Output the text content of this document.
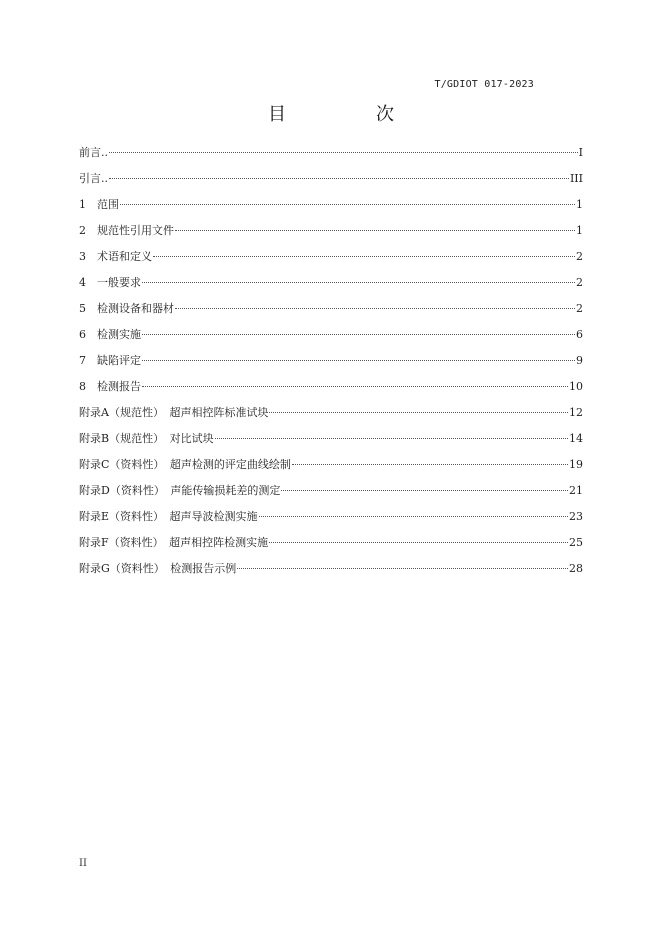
T/GDIOT 017-2023
目　次
前言..	I
引言..	III
1　范围	1
2　规范性引用文件	1
3　术语和定义	2
4　一般要求	2
5　检测设备和器材	2
6　检测实施	6
7　缺陷评定	9
8　检测报告	10
附录A（规范性）　超声相控阵标准试块	12
附录B（规范性）　对比试块	14
附录C（资料性）　超声检测的评定曲线绘制	19
附录D（资料性）　声能传输损耗差的测定	21
附录E（资料性）　超声导波检测实施	23
附录F（资料性）　超声相控阵检测实施	25
附录G（资料性）　检测报告示例	28
II
